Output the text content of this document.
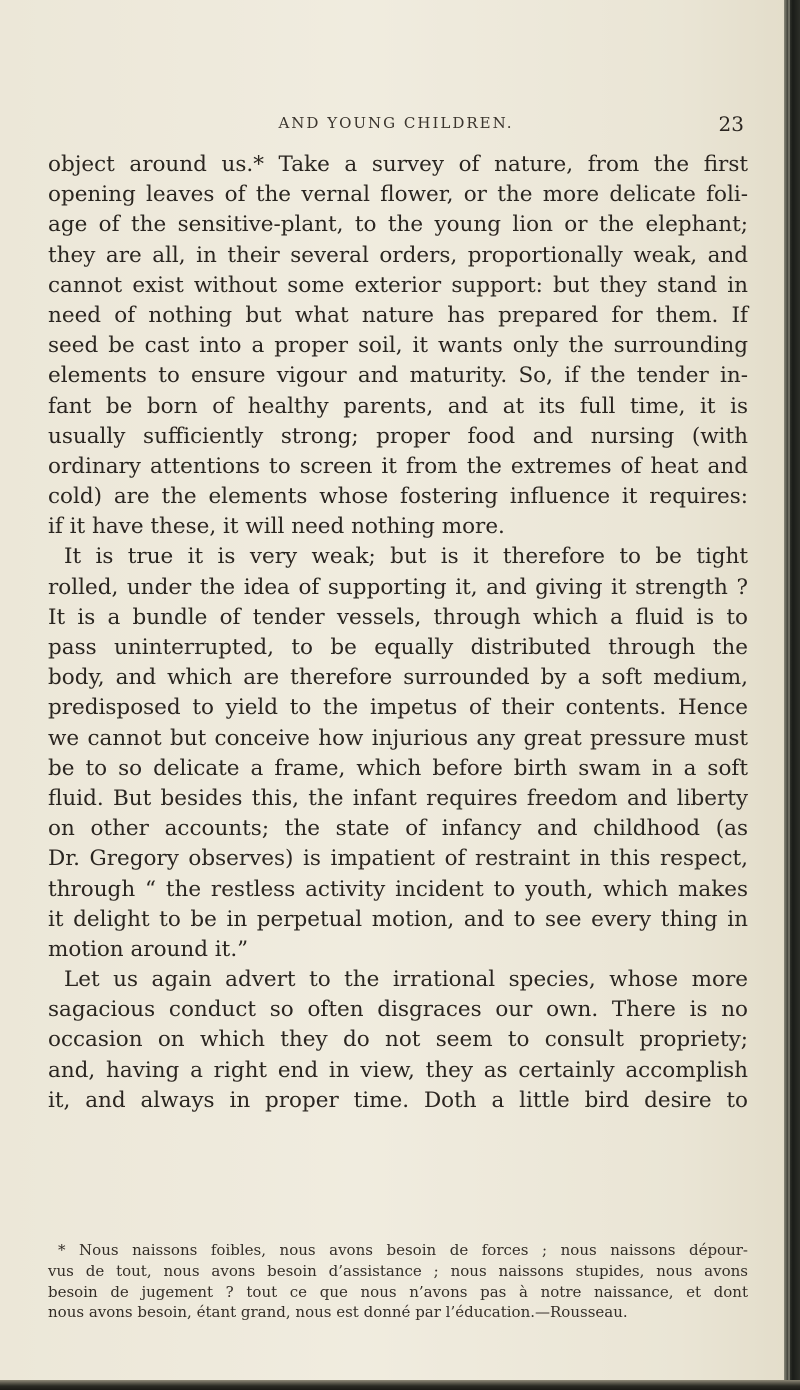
AND YOUNG CHILDREN.	23
object around us.* Take a survey of nature, from the first
opening leaves of the vernal flower, or the more delicate foli-
age of the sensitive-plant, to the young lion or the elephant;
they are all, in their several orders, proportionally weak, and
cannot exist without some exterior support: but they stand in
need of nothing but what nature has prepared for them. If
seed be cast into a proper soil, it wants only the surrounding
elements to ensure vigour and maturity. So, if the tender in-
fant be born of healthy parents, and at its full time, it is
usually sufficiently strong; proper food and nursing (with
ordinary attentions to screen it from the extremes of heat and
cold) are the elements whose fostering influence it requires:
if it have these, it will need nothing more.
It is true it is very weak; but is it therefore to be tight
rolled, under the idea of supporting it, and giving it strength ?
It is a bundle of tender vessels, through which a fluid is to
pass uninterrupted, to be equally distributed through the
body, and which are therefore surrounded by a soft medium,
predisposed to yield to the impetus of their contents. Hence
we cannot but conceive how injurious any great pressure must
be to so delicate a frame, which before birth swam in a soft
fluid. But besides this, the infant requires freedom and liberty
on other accounts; the state of infancy and childhood (as
Dr. Gregory observes) is impatient of restraint in this respect,
through “ the restless activity incident to youth, which makes
it delight to be in perpetual motion, and to see every thing in
motion around it.”
Let us again advert to the irrational species, whose more
sagacious conduct so often disgraces our own. There is no
occasion on which they do not seem to consult propriety;
and, having a right end in view, they as certainly accomplish
it, and always in proper time. Doth a little bird desire to
* Nous naissons foibles, nous avons besoin de forces ; nous naissons dépour-
vus de tout, nous avons besoin d’assistance ; nous naissons stupides, nous avons
besoin de jugement ? tout ce que nous n’avons pas à notre naissance, et dont
nous avons besoin, étant grand, nous est donné par l’éducation.—Rousseau.
